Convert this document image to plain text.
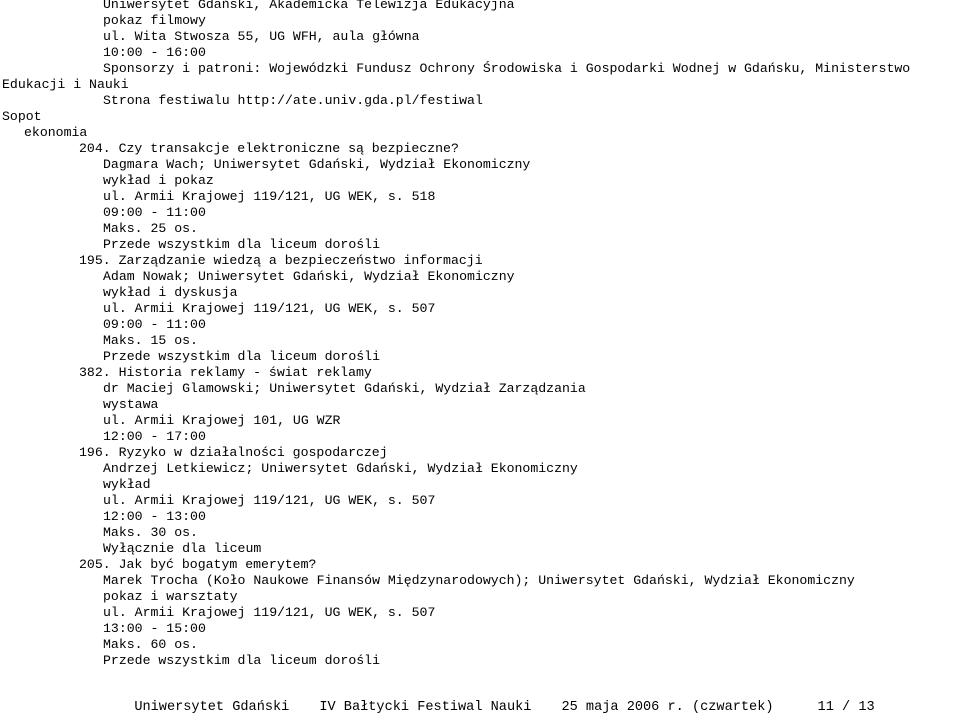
Uniwersytet Gdański, Akademicka Telewizja Edukacyjna
pokaz filmowy
ul. Wita Stwosza 55, UG WFH, aula główna
10:00 - 16:00
Sponsorzy i patroni: Wojewódzki Fundusz Ochrony Środowiska i Gospodarki Wodnej w Gdańsku, Ministerstwo
Edukacji i Nauki
Strona festiwalu http://ate.univ.gda.pl/festiwal
Sopot
ekonomia
204. Czy transakcje elektroniczne są bezpieczne?
Dagmara Wach; Uniwersytet Gdański, Wydział Ekonomiczny
wykład i pokaz
ul. Armii Krajowej 119/121, UG WEK, s. 518
09:00 - 11:00
Maks. 25 os.
Przede wszystkim dla liceum dorośli
195. Zarządzanie wiedzą a bezpieczeństwo informacji
Adam Nowak; Uniwersytet Gdański, Wydział Ekonomiczny
wykład i dyskusja
ul. Armii Krajowej 119/121, UG WEK, s. 507
09:00 - 11:00
Maks. 15 os.
Przede wszystkim dla liceum dorośli
382. Historia reklamy - świat reklamy
dr Maciej Glamowski; Uniwersytet Gdański, Wydział Zarządzania
wystawa
ul. Armii Krajowej 101, UG WZR
12:00 - 17:00
196. Ryzyko w działalności gospodarczej
Andrzej Letkiewicz; Uniwersytet Gdański, Wydział Ekonomiczny
wykład
ul. Armii Krajowej 119/121, UG WEK, s. 507
12:00 - 13:00
Maks. 30 os.
Wyłącznie dla liceum
205. Jak być bogatym emerytem?
Marek Trocha (Koło Naukowe Finansów Międzynarodowych); Uniwersytet Gdański, Wydział Ekonomiczny
pokaz i warsztaty
ul. Armii Krajowej 119/121, UG WEK, s. 507
13:00 - 15:00
Maks. 60 os.
Przede wszystkim dla liceum dorośli

Uniwersytet Gdański IV Bałtycki Festiwal Nauki 25 maja 2006 r. (czwartek)	11 / 13
